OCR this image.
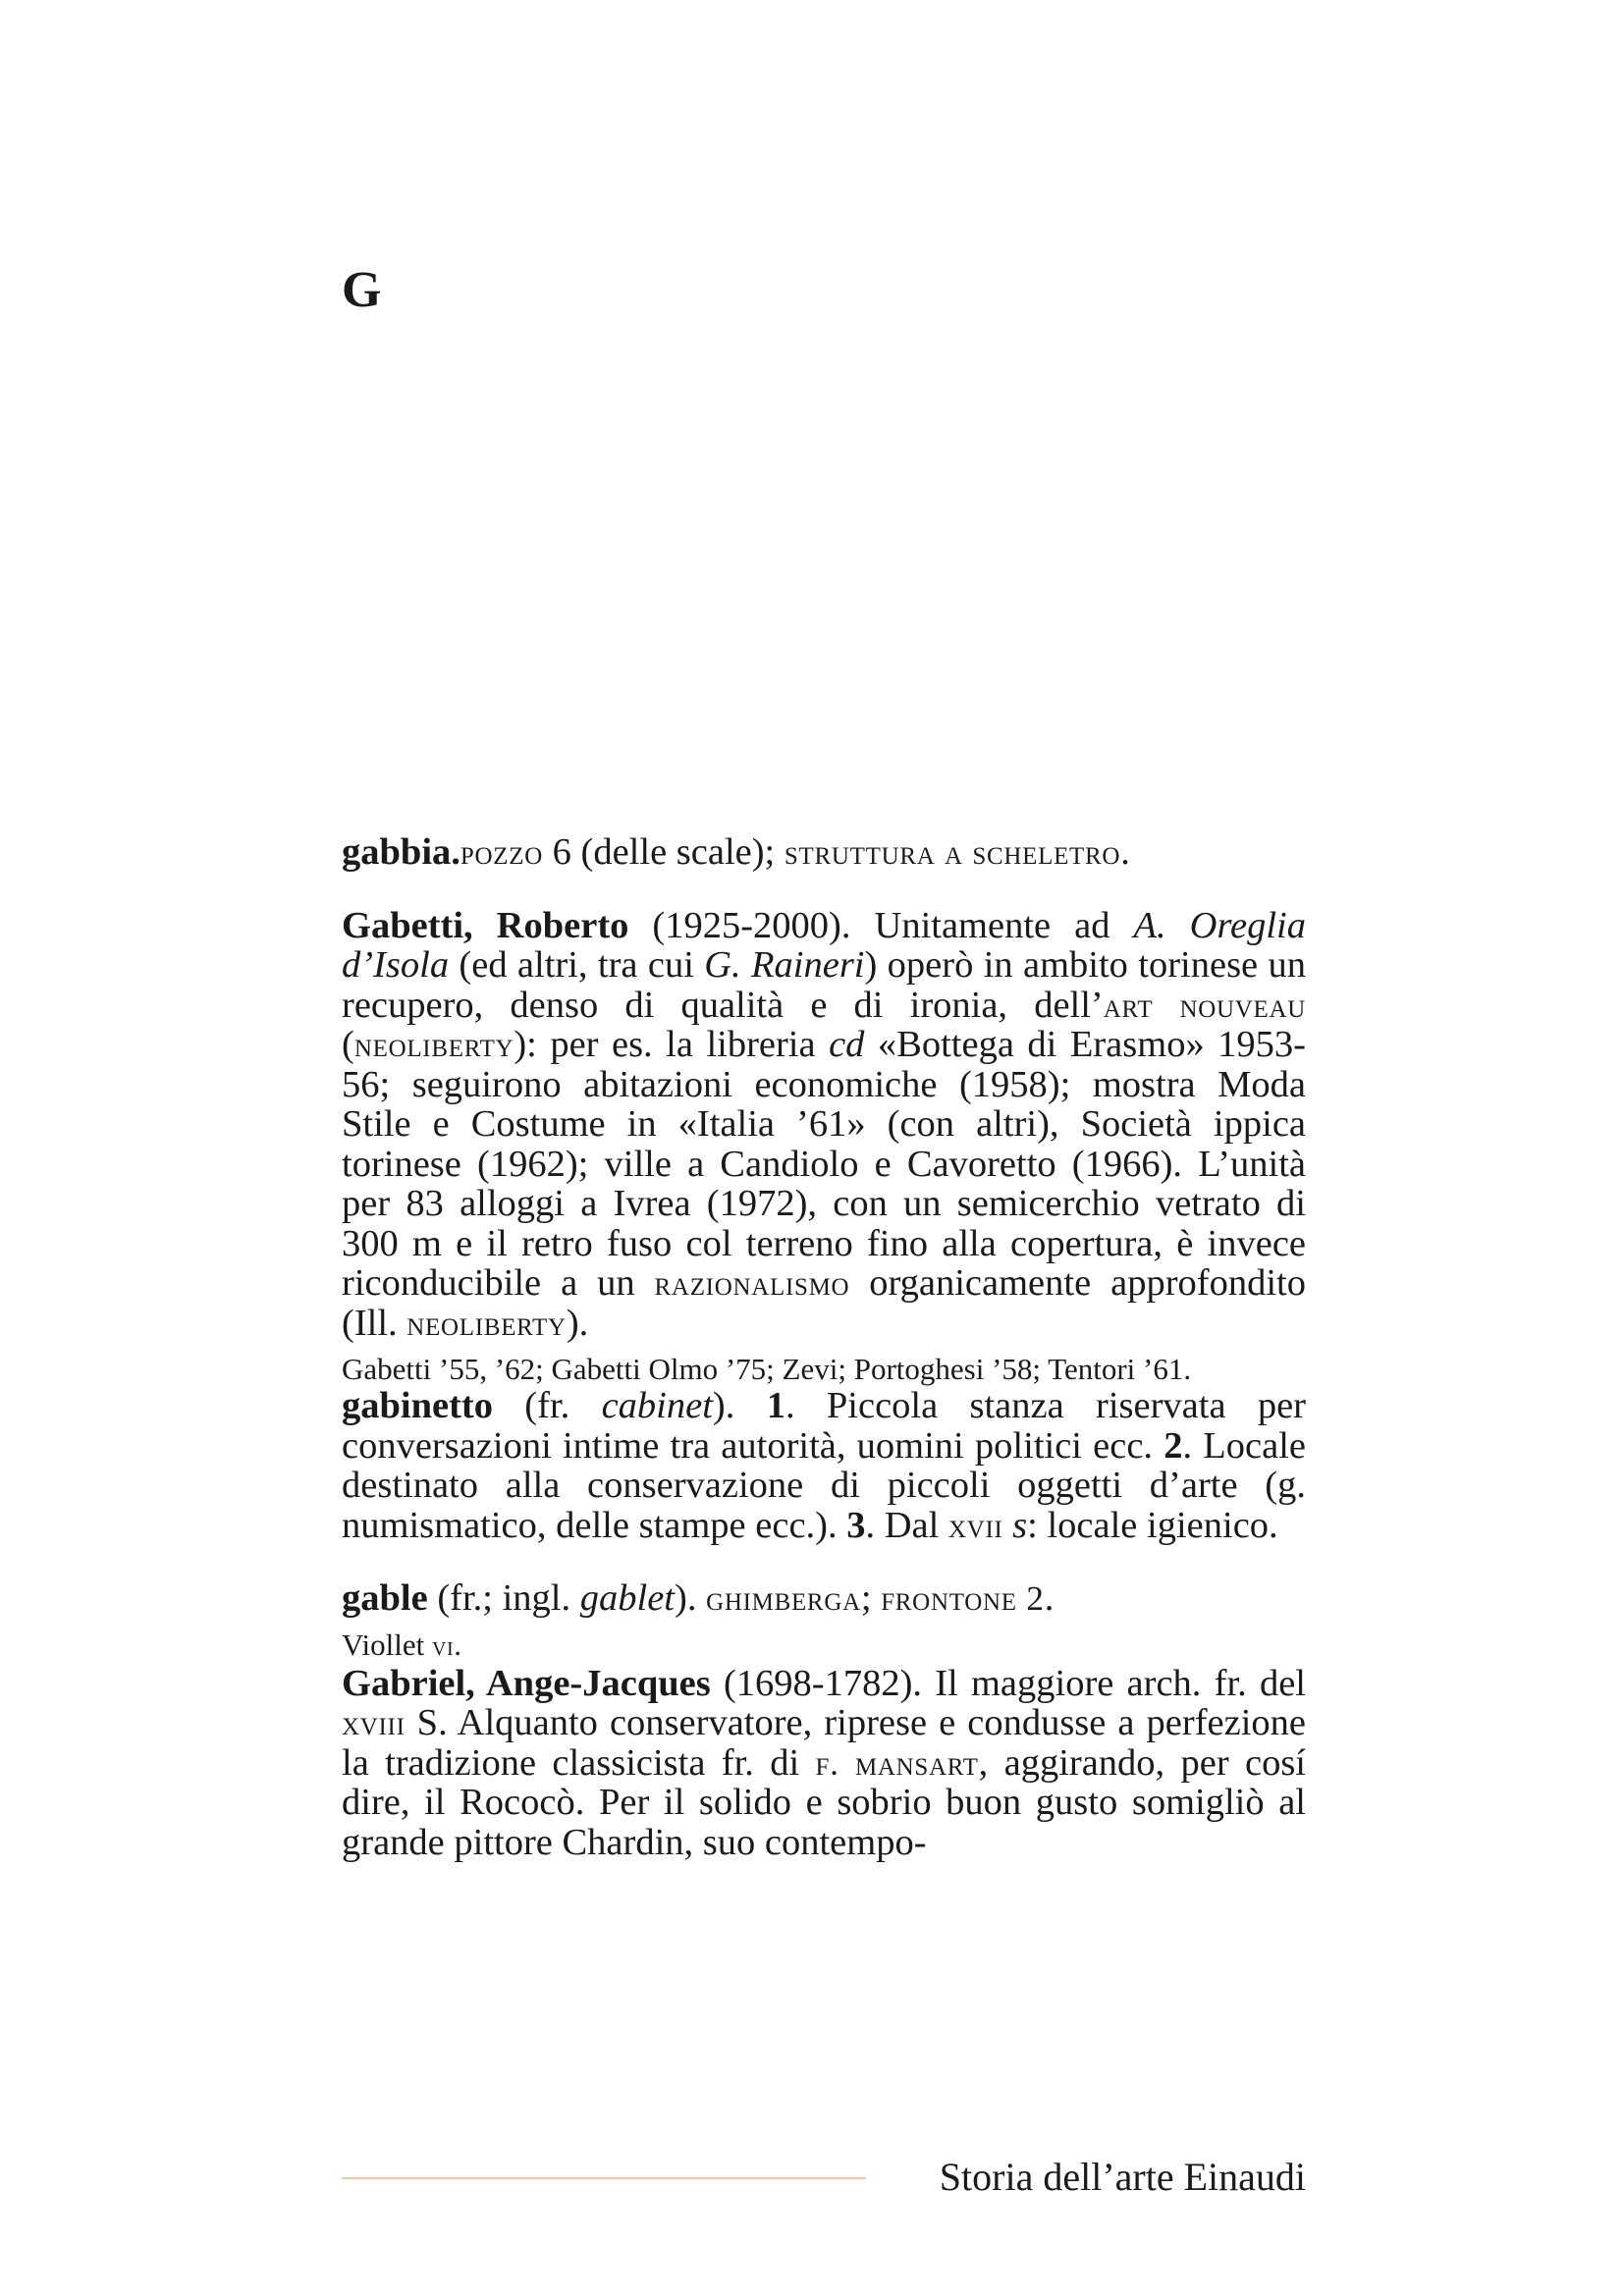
G

gabbia.pozzo 6 (delle scale); struttura a scheletro.

Gabetti, Roberto (1925-2000). Unitamente ad A. Oreglia d’Isola (ed altri, tra cui G. Raineri) operò in ambito torinese un recupero, denso di qualità e di ironia, dell’art nouveau (neoliberty): per es. la libreria cd «Bottega di Erasmo» 1953-56; seguirono abitazioni economiche (1958); mostra Moda Stile e Costume in «Italia ’61» (con altri), Società ippica torinese (1962); ville a Candiolo e Cavoretto (1966). L’unità per 83 alloggi a Ivrea (1972), con un semicerchio vetrato di 300 m e il retro fuso col terreno fino alla copertura, è invece riconducibile a un razionalismo organicamente approfondito (Ill. neoliberty).

Gabetti ’55, ’62; Gabetti Olmo ’75; Zevi; Portoghesi ’58; Tentori ’61.

gabinetto (fr. cabinet). 1. Piccola stanza riservata per conversazioni intime tra autorità, uomini politici ecc. 2. Locale destinato alla conservazione di piccoli oggetti d’arte (g. numismatico, delle stampe ecc.). 3. Dal xvii s: locale igienico.

gable (fr.; ingl. gablet). ghimberga; frontone 2.

Viollet vi.

Gabriel, Ange-Jacques (1698-1782). Il maggiore arch. fr. del xviii S. Alquanto conservatore, riprese e condusse a perfezione la tradizione classicista fr. di f. mansart, aggirando, per cosí dire, il Rococò. Per il solido e sobrio buon gusto somigliò al grande pittore Chardin, suo contempo-

Storia dell’arte Einaudi
